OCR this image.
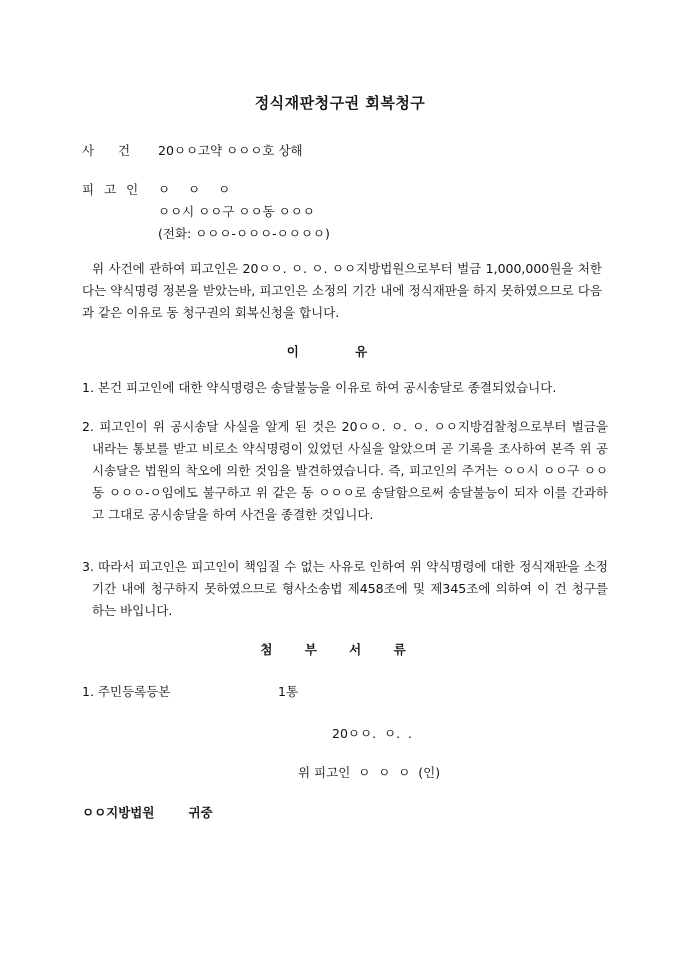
정식재판청구권 회복청구
사 건 20ㅇㅇ고약 ㅇㅇㅇ호 상해
피고인 ㅇ ㅇ ㅇ
ㅇㅇ시 ㅇㅇ구 ㅇㅇ동 ㅇㅇㅇ
(전화: ㅇㅇㅇ-ㅇㅇㅇ-ㅇㅇㅇㅇ)
위 사건에 관하여 피고인은 20ㅇㅇ. ㅇ. ㅇ. ㅇㅇ지방법원으로부터 벌금 1,000,000원을 처한다는 약식명령 정본을 받았는바, 피고인은 소정의 기간 내에 정식재판을 하지 못하였으므로 다음과 같은 이유로 동 청구권의 회복신청을 합니다.
이 유
1. 본건 피고인에 대한 약식명령은 송달불능을 이유로 하여 공시송달로 종결되었습니다.
2. 피고인이 위 공시송달 사실을 알게 된 것은 20ㅇㅇ. ㅇ. ㅇ. ㅇㅇ지방검찰청으로부터 벌금을 내라는 통보를 받고 비로소 약식명령이 있었던 사실을 알았으며 곧 기록을 조사하여 본즉 위 공시송달은 법원의 착오에 의한 것임을 발견하였습니다. 즉, 피고인의 주거는 ㅇㅇ시 ㅇㅇ구 ㅇㅇ동 ㅇㅇㅇ-ㅇ임에도 불구하고 위 같은 동 ㅇㅇㅇ로 송달함으로써 송달불능이 되자 이를 간과하고 그대로 공시송달을 하여 사건을 종결한 것입니다.
3. 따라서 피고인은 피고인이 책임질 수 없는 사유로 인하여 위 약식명령에 대한 정식재판을 소정기간 내에 청구하지 못하였으므로 형사소송법 제458조에 및 제345조에 의하여 이 건 청구를 하는 바입니다.
첨 부 서 류
1. 주민등록등본	1통
20ㅇㅇ.  ㅇ.  .
위 피고인  ㅇ  ㅇ  ㅇ  (인)
ㅇㅇ지방법원	귀중
